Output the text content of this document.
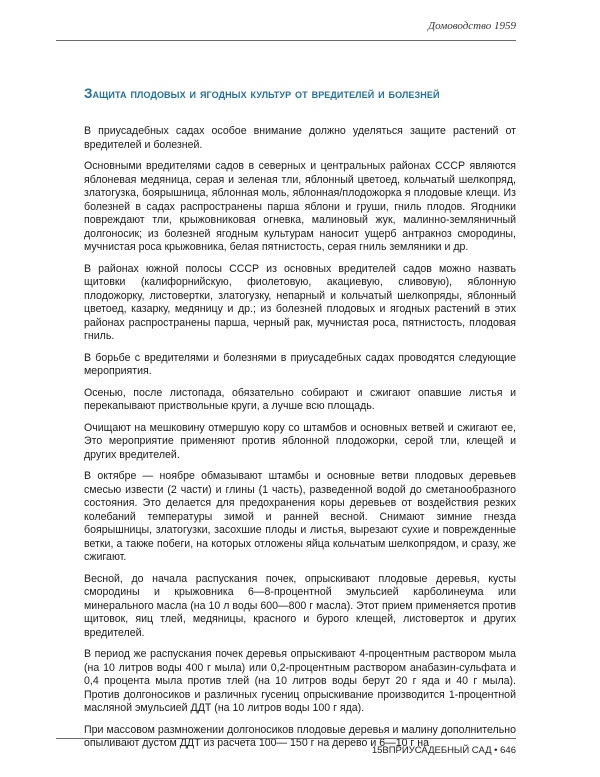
Домоводство 1959
Защита плодовых и ягодных культур от вредителей и болезней

В приусадебных садах особое внимание должно уделяться защите растений от вредителей и болезней.

Основными вредителями садов в северных и центральных районах СССР являются яблоневая медяница, серая и зеленая тли, яблонный цветоед, кольчатый шелкопряд, златогузка, боярышница, яблонная моль, яблонная/плодожорка я плодовые клещи. Из болезней в садах распространены парша яблони и груши, гниль плодов. Ягодники повреждают тли, крыжовниковая огневка, малиновый жук, малинно-земляничный долгоносик; из болезней ягодным культурам наносит ущерб антракноз смородины, мучнистая роса крыжовника, белая пятнистость, серая гниль земляники и др.

В районах южной полосы СССР из основных вредителей садов можно назвать щитовки (калифорнийскую, фиолетовую, акациевую, сливовую), яблонную плодожорку, листовертки, златогузку, непарный и кольчатый шелкопряды, яблонный цветоед, казарку, медяницу и др.; из болезней плодовых и ягодных растений в этих районах распространены парша, черный рак, мучнистая роса, пятнистость, плодовая гниль.

В борьбе с вредителями и болезнями в приусадебных садах проводятся следующие мероприятия.

Осенью, после листопада, обязательно собирают и сжигают опавшие листья и перекапывают приствольные круги, а лучше всю площадь.

Очищают на мешковину отмершую кору со штамбов и основных ветвей и сжигают ее, Это мероприятие применяют против яблонной плодожорки, серой тли, клещей и других вредителей.

В октябре — ноябре обмазывают штамбы и основные ветви плодовых деревьев смесью извести (2 части) и глины (1 часть), разведенной водой до сметанообразного состояния. Это делается для предохранения коры деревьев от воздействия резких колебаний температуры зимой и ранней весной. Снимают зимние гнезда боярышницы, златогузки, засохшие плоды и листья, вырезают сухие и поврежденные ветки, а также побеги, на которых отложены яйца кольчатым шелкопрядом, и сразу, же сжигают.

Весной, до начала распускания почек, опрыскивают плодовые деревья, кусты смородины и крыжовника 6—8-процентной эмульсией карболинеума или минерального масла (на 10 л воды 600—800 г масла). Этот прием применяется против щитовок, яиц тлей, медяницы, красного и бурого клещей, листоверток и других вредителей.

В период же распускания почек деревья опрыскивают 4-процентным раствором мыла (на 10 литров воды 400 г мыла) или 0,2-процентным раствором анабазин-сульфата и 0,4 процента мыла против тлей (на 10 литров воды берут 20 г яда и 40 г мыла). Против долгоносиков и различных гусениц опрыскивание производится 1-процентной масляной эмульсией ДДТ (на 10 литров воды 100 г яда).

При массовом размножении долгоносиков плодовые деревья и малину дополнительно опыливают дустом ДДТ из расчета 100— 150 г на дерево и 6—10 г на

15ВПРИУСАДЕБНЫЙ САД • 646
